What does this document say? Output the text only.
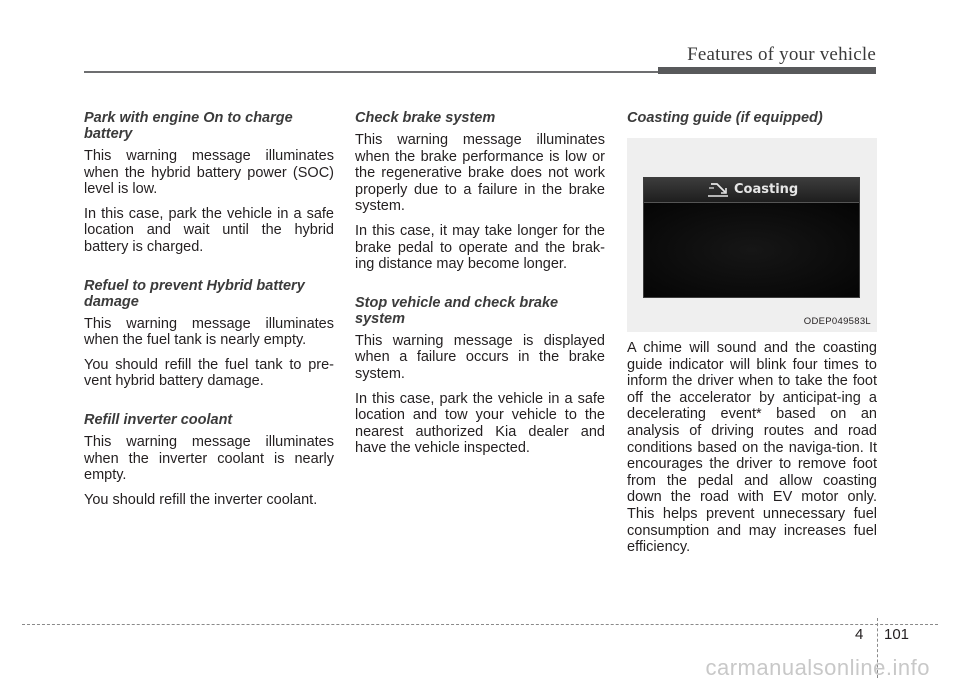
Features of your vehicle
Park with engine On to charge battery

This warning message illuminates when the hybrid battery power (SOC) level is low.

In this case, park the vehicle in a safe location and wait until the hybrid battery is charged.

Refuel to prevent Hybrid battery damage

This warning message illuminates when the fuel tank is nearly empty.

You should refill the fuel tank to pre-vent hybrid battery damage.

Refill inverter coolant

This warning message illuminates when the inverter coolant is nearly empty.

You should refill the inverter coolant.

Check brake system

This warning message illuminates when the brake performance is low or the regenerative brake does not work properly due to a failure in the brake system.

In this case, it may take longer for the brake pedal to operate and the brak-ing distance may become longer.

Stop vehicle and check brake system

This warning message is displayed when a failure occurs in the brake system.

In this case, park the vehicle in a safe location and tow your vehicle to the nearest authorized Kia dealer and have the vehicle inspected.

Coasting guide (if equipped)
Coasting
ODEP049583L

A chime will sound and the coasting guide indicator will blink four times to inform the driver when to take the foot off the accelerator by anticipat-ing a decelerating event* based on an analysis of driving routes and road conditions based on the naviga-tion. It encourages the driver to remove foot from the pedal and allow coasting down the road with EV motor only. This helps prevent unnecessary fuel consumption and may increases fuel efficiency.

4 101
carmanualsonline.info
